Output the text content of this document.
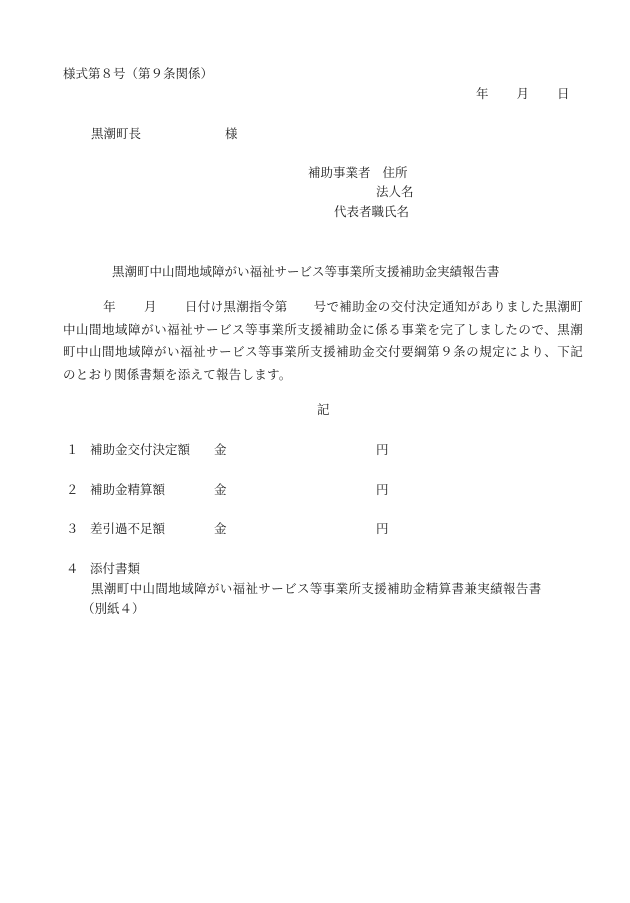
様式第８号（第９条関係）
年 月 日
黒潮町長	様
補助事業者 住所
法人名
代表者職氏名
黒潮町中山間地域障がい福祉サービス等事業所支援補助金実績報告書
年 月 日付け黒潮指令第 号で補助金の交付決定通知がありました黒潮町中山間地域障がい福祉サービス等事業所支援補助金に係る事業を完了しましたので、黒潮町中山間地域障がい福祉サービス等事業所支援補助金交付要綱第９条の規定により、下記のとおり関係書類を添えて報告します。
記
１ 補助金交付決定額 金	円
２ 補助金精算額	金	円
３ 差引過不足額	金	円
４ 添付書類
黒潮町中山間地域障がい福祉サービス等事業所支援補助金精算書兼実績報告書
（別紙４）
